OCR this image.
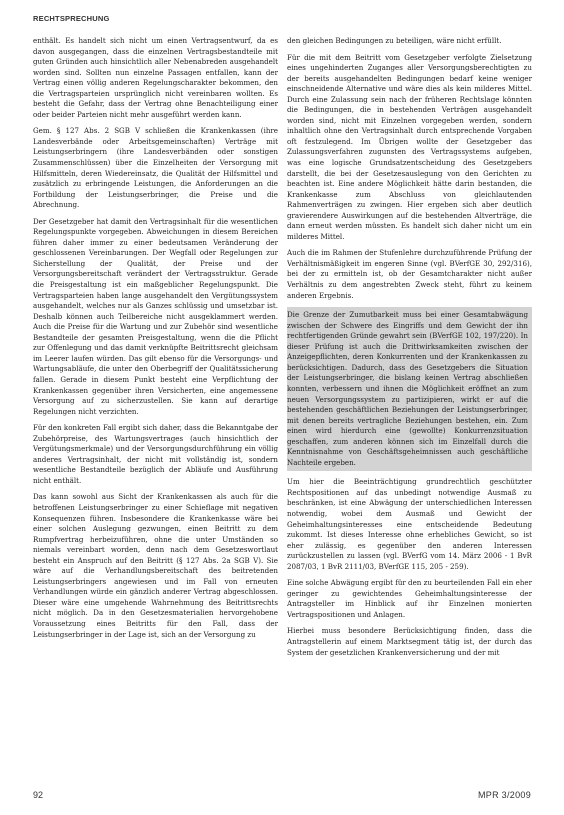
RECHTSPRECHUNG

enthält. Es handelt sich nicht um einen Vertragsentwurf, da es davon ausgegangen, dass die einzelnen Vertragsbestandteile mit guten Gründen auch hinsichtlich aller Nebenabreden ausgehandelt worden sind. Sollten nun einzelne Passagen entfallen, kann der Vertrag einen völlig anderen Regelungscharakter bekommen, den die Vertragsparteien ursprünglich nicht vereinbaren wollten. Es besteht die Gefahr, dass der Vertrag ohne Benachteiligung einer oder beider Parteien nicht mehr ausgeführt werden kann.

Gem. § 127 Abs. 2 SGB V schließen die Krankenkassen (ihre Landesverbände oder Arbeitsgemeinschaften) Verträge mit Leistungserbringern (ihre Landesverbänden oder sonstigen Zusammenschlüssen) über die Einzelheiten der Versorgung mit Hilfsmitteln, deren Wiedereinsatz, die Qualität der Hilfsmittel und zusätzlich zu erbringende Leistungen, die Anforderungen an die Fortbildung der Leistungserbringer, die Preise und die Abrechnung.

Der Gesetzgeber hat damit den Vertragsinhalt für die wesentlichen Regelungspunkte vorgegeben. Abweichungen in diesem Bereichen führen daher immer zu einer bedeutsamen Veränderung der geschlossenen Vereinbarungen. Der Wegfall oder Regelungen zur Sicherstellung der Qualität, der Preise und der Versorgungsbereitschaft verändert der Vertragsstruktur. Gerade die Preisgestaltung ist ein maßgeblicher Regelungspunkt. Die Vertragsparteien haben lange ausgehandelt den Vergütungssystem ausgehandelt, welches nur als Ganzes schlüssig und umsetzbar ist. Deshalb können auch Teilbereiche nicht ausgeklammert werden. Auch die Preise für die Wartung und zur Zubehör sind wesentliche Bestandteile der gesamten Preisgestaltung, wenn die die Pflicht zur Offenlegung und das damit verknüpfte Beitrittsrecht gleichsam im Leerer laufen würden. Das gilt ebenso für die Versorgungs- und Wartungsabläufe, die unter den Oberbegriff der Qualitätssicherung fallen. Gerade in diesem Punkt besteht eine Verpflichtung der Krankenkassen gegenüber ihren Versicherten, eine angemessene Versorgung auf zu sicherzustellen. Sie kann auf derartige Regelungen nicht verzichten.

Für den konkreten Fall ergibt sich daher, dass die Bekanntgabe der Zubehörpreise, des Wartungsvertrages (auch hinsichtlich der Vergütungsmerkmale) und der Versorgungsdurchführung ein völlig anderes Vertragsinhalt, der nicht mit vollständig ist, sondern wesentliche Bestandteile bezüglich der Abläufe und Ausführung nicht enthält.

Das kann sowohl aus Sicht der Krankenkassen als auch für die betroffenen Leistungserbringer zu einer Schieflage mit negativen Konsequenzen führen. Insbesondere die Krankenkasse wäre bei einer solchen Auslegung gezwungen, einen Beitritt zu dem Rumpfvertrag herbeizuführen, ohne die unter Umständen so niemals vereinbart worden, denn nach dem Gesetzeswortlaut besteht ein Anspruch auf den Beitritt (§ 127 Abs. 2a SGB V). Sie wäre auf die Verhandlungsbereitschaft des beitretenden Leistungserbringers angewiesen und im Fall von erneuten Verhandlungen würde ein gänzlich anderer Vertrag abgeschlossen. Dieser wäre eine umgehende Wahrnehmung des Beitrittsrechts nicht möglich. Da in den Gesetzesmaterialien hervorgehobene Voraussetzung eines Beitritts für den Fall, dass der Leistungserbringer in der Lage ist, sich an der Versorgung zu

den gleichen Bedingungen zu beteiligen, wäre nicht erfüllt.

Für die mit dem Beitritt vom Gesetzgeber verfolgte Zielsetzung eines ungehinderten Zuganges aller Versorgungsberechtigten zu der bereits ausgehandelten Bedingungen bedarf keine weniger einschneidende Alternative und wäre dies als kein milderes Mittel. Durch eine Zulassung sein nach der früheren Rechtslage könnten die Bedingungen, die in bestehenden Verträgen ausgehandelt worden sind, nicht mit Einzelnen vorgegeben werden, sondern inhaltlich ohne den Vertragsinhalt durch entsprechende Vorgaben oft festzulegend. Im Übrigen wollte der Gesetzgeber das Zulassungsverfahren zugunsten des Vertragssystems aufgeben, was eine logische Grundsatzentscheidung des Gesetzgebers darstellt, die bei der Gesetzesauslegung von den Gerichten zu beachten ist. Eine andere Möglichkeit hätte darin bestanden, die Krankenkasse zum Abschluss von gleichlautenden Rahmenverträgen zu zwingen. Hier ergeben sich aber deutlich gravierendere Auswirkungen auf die bestehenden Altverträge, die dann erneut werden müssten. Es handelt sich daher nicht um ein milderes Mittel.

Auch die im Rahmen der Stufenlehre durchzuführende Prüfung der Verhältnismäßigkeit im engeren Sinne (vgl. BVerfGE 30, 292/316), bei der zu ermitteln ist, ob der Gesamtcharakter nicht außer Verhältnis zu dem angestrebten Zweck steht, führt zu keinem anderen Ergebnis.

Die Grenze der Zumutbarkeit muss bei einer Gesamtabwägung zwischen der Schwere des Eingriffs und dem Gewicht der ihn rechtfertigenden Gründe gewahrt sein (BVerfGE 102, 197/220). In dieser Prüfung ist auch die Drittwirksamkeiten zwischen der Anzeigepflichten, deren Konkurrenten und der Krankenkassen zu berücksichtigen. Dadurch, dass des Gesetzgebers die Situation der Leistungserbringer, die bislang keinen Vertrag abschließen konnten, verbessern und ihnen die Möglichkeit eröffnet an zum neuen Versorgungssystem zu partizipieren, wirkt er auf die bestehenden geschäftlichen Beziehungen der Leistungserbringer, mit denen bereits vertragliche Beziehungen bestehen, ein. Zum einen wird hierdurch eine (gewollte) Konkurrenzsituation geschaffen, zum anderen können sich im Einzelfall durch die Kenntnisnahme von Geschäftsgeheimnissen auch geschäftliche Nachteile ergeben.

Um hier die Beeinträchtigung grundrechtlich geschützter Rechtspositionen auf das unbedingt notwendige Ausmaß zu beschränken, ist eine Abwägung der unterschiedlichen Interessen notwendig, wobei dem Ausmaß und Gewicht der Geheimhaltungsinteresses eine entscheidende Bedeutung zukommt. Ist dieses Interesse ohne erhebliches Gewicht, so ist eher zulässig, es gegenüber den anderen Interessen zurückzustellen zu lassen (vgl. BVerfG vom 14. März 2006 - 1 BvR 2087/03, 1 BvR 2111/03, BVerfGE 115, 205 - 259).

Eine solche Abwägung ergibt für den zu beurteilenden Fall ein eher geringer zu gewichtendes Geheimhaltungsinteresse der Antragsteller im Hinblick auf ihr Einzelnen monierten Vertragspositionen und Anlagen.

Hierbei muss besondere Berücksichtigung finden, dass die Antragstellerin auf einem Marktsegment tätig ist, der durch das System der gesetzlichen Krankenversicherung und der mit

92	MPR 3/2009
